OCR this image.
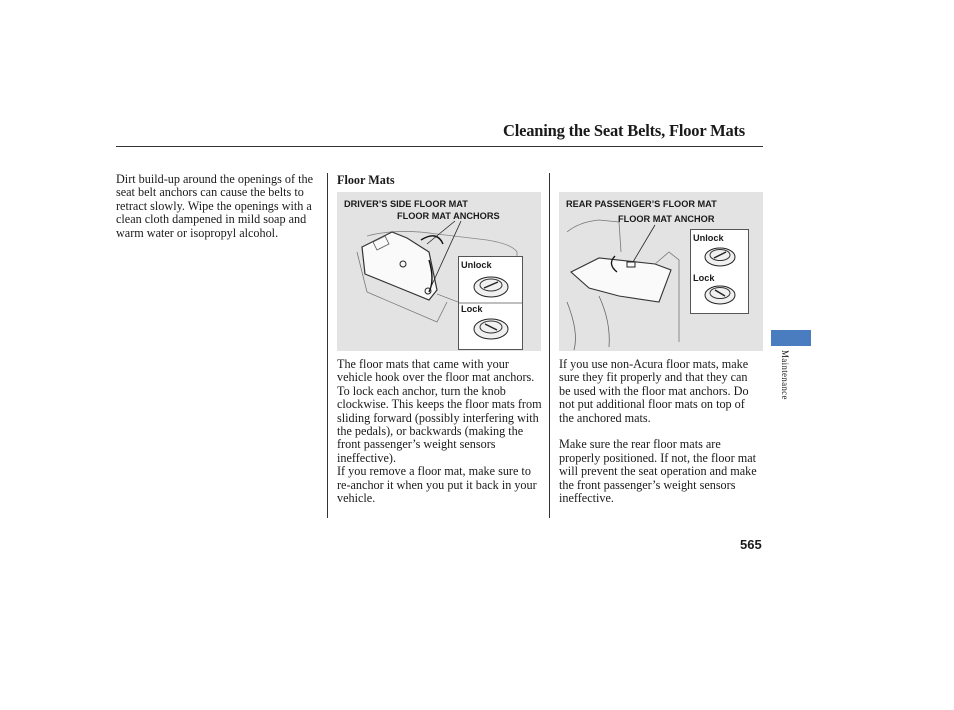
Cleaning the Seat Belts, Floor Mats
Dirt build-up around the openings of the seat belt anchors can cause the belts to retract slowly. Wipe the openings with a clean cloth dampened in mild soap and warm water or isopropyl alcohol.
Floor Mats
DRIVER’S SIDE FLOOR MAT
FLOOR MAT ANCHORS
Unlock
Lock
REAR PASSENGER’S FLOOR MAT
FLOOR MAT ANCHOR
Unlock
Lock

The floor mats that came with your vehicle hook over the floor mat anchors. To lock each anchor, turn the knob clockwise. This keeps the floor mats from sliding forward (possibly interfering with the pedals), or backwards (making the front passenger’s weight sensors ineffective).

If you remove a floor mat, make sure to re-anchor it when you put it back in your vehicle.

If you use non-Acura floor mats, make sure they fit properly and that they can be used with the floor mat anchors. Do not put additional floor mats on top of the anchored mats.

Make sure the rear floor mats are properly positioned. If not, the floor mat will prevent the seat operation and make the front passenger’s weight sensors ineffective.

565
Maintenance
